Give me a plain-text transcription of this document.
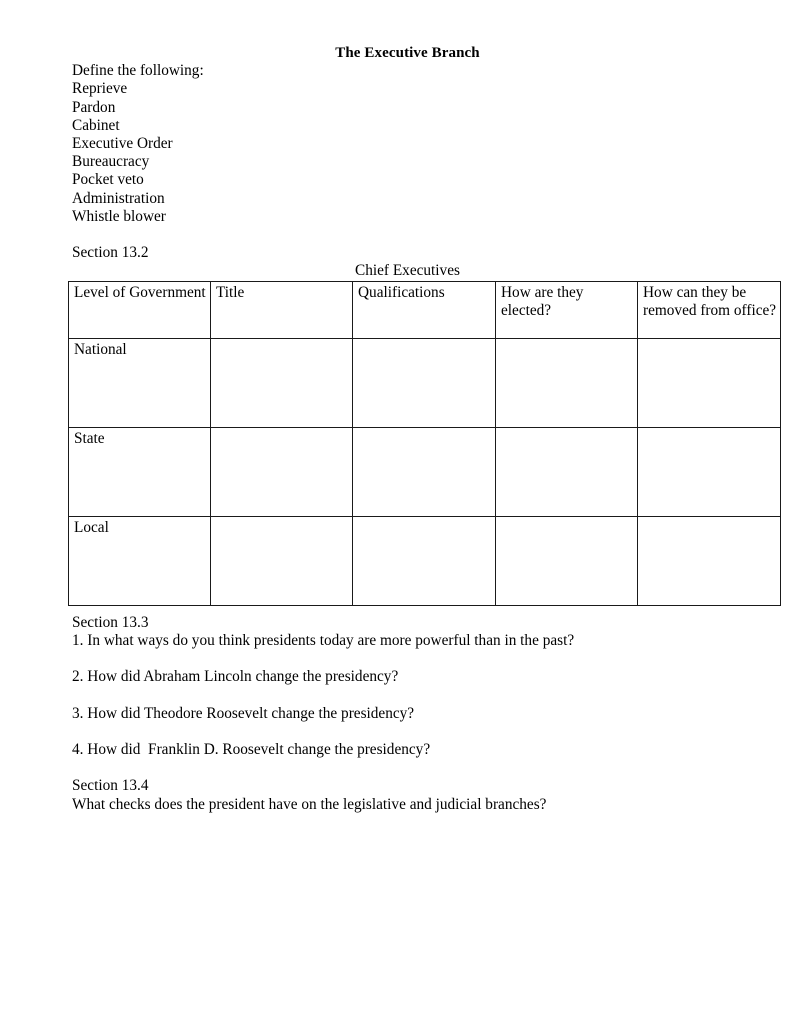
The Executive Branch
Define the following:
Reprieve
Pardon
Cabinet
Executive Order
Bureaucracy
Pocket veto
Administration
Whistle blower
Section 13.2
Chief Executives
Level of Government	Title	Qualifications	How are they elected?	How can they be removed from office?
National				
State				
Local				
Section 13.3
1. In what ways do you think presidents today are more powerful than in the past?
2. How did Abraham Lincoln change the presidency?
3. How did Theodore Roosevelt change the presidency?
4. How did  Franklin D. Roosevelt change the presidency?
Section 13.4
What checks does the president have on the legislative and judicial branches?
